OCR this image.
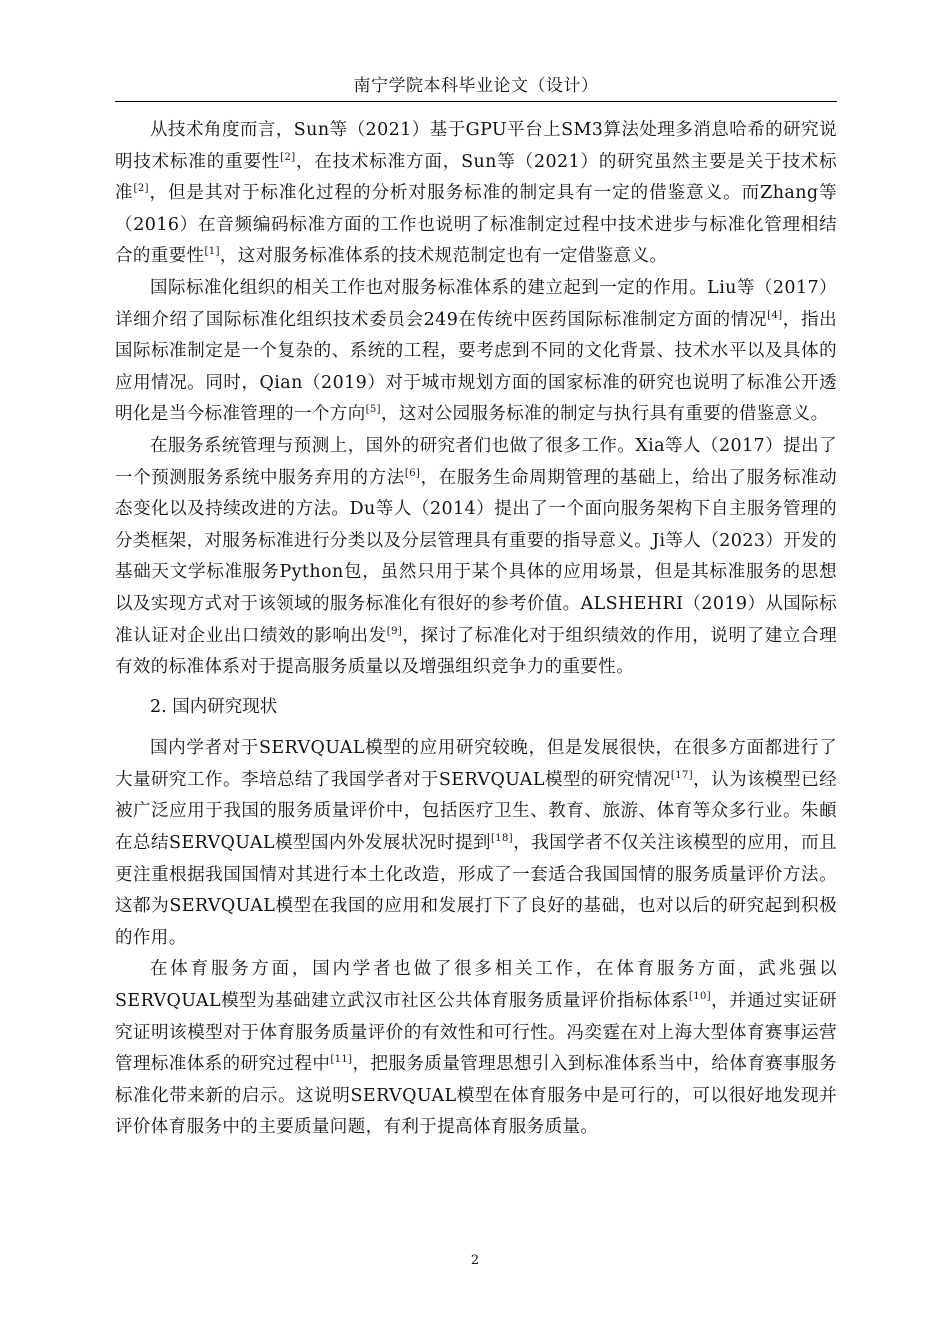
南宁学院本科毕业论文（设计）

从技术角度而言，Sun等（2021）基于GPU平台上SM3算法处理多消息哈希的研究说明技术标准的重要性[2]，在技术标准方面，Sun等（2021）的研究虽然主要是关于技术标准[2]，但是其对于标准化过程的分析对服务标准的制定具有一定的借鉴意义。而Zhang等（2016）在音频编码标准方面的工作也说明了标准制定过程中技术进步与标准化管理相结合的重要性[1]，这对服务标准体系的技术规范制定也有一定借鉴意义。

国际标准化组织的相关工作也对服务标准体系的建立起到一定的作用。Liu等（2017）详细介绍了国际标准化组织技术委员会249在传统中医药国际标准制定方面的情况[4]，指出国际标准制定是一个复杂的、系统的工程，要考虑到不同的文化背景、技术水平以及具体的应用情况。同时，Qian（2019）对于城市规划方面的国家标准的研究也说明了标准公开透明化是当今标准管理的一个方向[5]，这对公园服务标准的制定与执行具有重要的借鉴意义。

在服务系统管理与预测上，国外的研究者们也做了很多工作。Xia等人（2017）提出了一个预测服务系统中服务弃用的方法[6]，在服务生命周期管理的基础上，给出了服务标准动态变化以及持续改进的方法。Du等人（2014）提出了一个面向服务架构下自主服务管理的分类框架，对服务标准进行分类以及分层管理具有重要的指导意义。Ji等人（2023）开发的基础天文学标准服务Python包，虽然只用于某个具体的应用场景，但是其标准服务的思想以及实现方式对于该领域的服务标准化有很好的参考价值。ALSHEHRI（2019）从国际标准认证对企业出口绩效的影响出发[9]，探讨了标准化对于组织绩效的作用，说明了建立合理有效的标准体系对于提高服务质量以及增强组织竞争力的重要性。

2. 国内研究现状

国内学者对于SERVQUAL模型的应用研究较晚，但是发展很快，在很多方面都进行了大量研究工作。李培总结了我国学者对于SERVQUAL模型的研究情况[17]，认为该模型已经被广泛应用于我国的服务质量评价中，包括医疗卫生、教育、旅游、体育等众多行业。朱頔在总结SERVQUAL模型国内外发展状况时提到[18]，我国学者不仅关注该模型的应用，而且更注重根据我国国情对其进行本土化改造，形成了一套适合我国国情的服务质量评价方法。这都为SERVQUAL模型在我国的应用和发展打下了良好的基础，也对以后的研究起到积极的作用。

在体育服务方面，国内学者也做了很多相关工作，在体育服务方面，武兆强以SERVQUAL模型为基础建立武汉市社区公共体育服务质量评价指标体系[10]，并通过实证研究证明该模型对于体育服务质量评价的有效性和可行性。冯奕霆在对上海大型体育赛事运营管理标准体系的研究过程中[11]，把服务质量管理思想引入到标准体系当中，给体育赛事服务标准化带来新的启示。这说明SERVQUAL模型在体育服务中是可行的，可以很好地发现并评价体育服务中的主要质量问题，有利于提高体育服务质量。

2
